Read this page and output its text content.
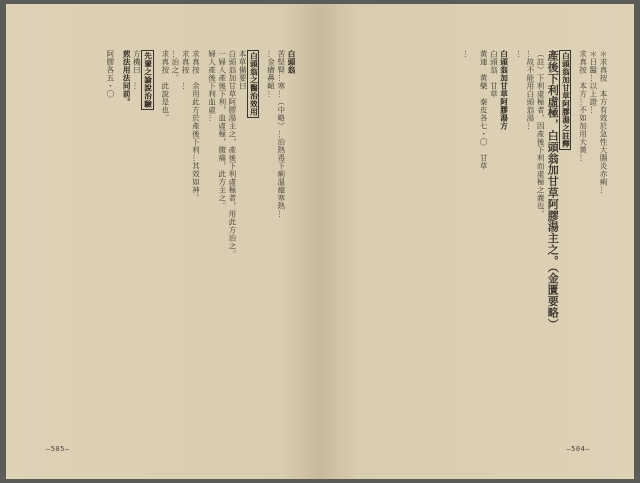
白頭翁
苦堅腎…寒…（中略）…治熱毒下痢溫瘧寒熱…
…金瘡鼻衄…
白頭翁之醫治效用
本草備要曰
白頭翁加甘草阿膠湯主之，產後下利虛極者，用此方治之。
一婦人產後下利，血虛極，腹痛，此方主之。
婦人產後下利血虛…
求真按　余用此方於產後下利…其效如神。
求真按　…
…治之。
求真按　此說是也。
先輩之論說治驗
方機曰　…
煎法用法同前。
阿膠各五・〇
―505―
＊求真按　本方有效於急性大腸炎赤痢…
＊日醫…以上證…
求真按　本方…不如加用大黃…
白頭翁加甘草阿膠湯之註釋
產後下利虛極，白頭翁加甘草阿膠湯主之。（金匱要略）
（註）下利虛極者，因產後下利而虛極之義也。
…故不能用白頭翁湯…
…
白頭翁加甘草阿膠湯方
白頭翁　甘草
黃連　黃檗　秦皮各七・〇　甘草
…
―504―
